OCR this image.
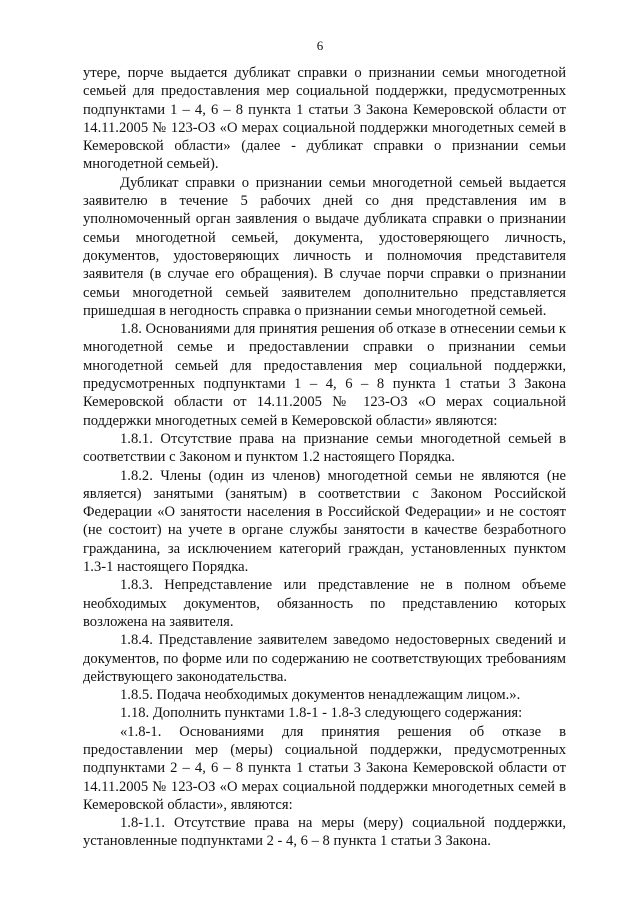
6

утере, порче выдается дубликат справки о признании семьи многодетной семьей для предоставления мер социальной поддержки, предусмотренных подпунктами 1 – 4, 6 – 8 пункта 1 статьи 3 Закона Кемеровской области от 14.11.2005 № 123-ОЗ «О мерах социальной поддержки многодетных семей в Кемеровской области» (далее - дубликат справки о признании семьи многодетной семьей).

Дубликат справки о признании семьи многодетной семьей выдается заявителю в течение 5 рабочих дней со дня представления им в уполномоченный орган заявления о выдаче дубликата справки о признании семьи многодетной семьей, документа, удостоверяющего личность, документов, удостоверяющих личность и полномочия представителя заявителя (в случае его обращения). В случае порчи справки о признании семьи многодетной семьей заявителем дополнительно представляется пришедшая в негодность справка о признании семьи многодетной семьей.

1.8. Основаниями для принятия решения об отказе в отнесении семьи к многодетной семье и предоставлении справки о признании семьи многодетной семьей для предоставления мер социальной поддержки, предусмотренных подпунктами 1 – 4, 6 – 8 пункта 1 статьи 3 Закона Кемеровской области от 14.11.2005 № 123-ОЗ «О мерах социальной поддержки многодетных семей в Кемеровской области» являются:

1.8.1. Отсутствие права на признание семьи многодетной семьей в соответствии с Законом и пунктом 1.2 настоящего Порядка.

1.8.2. Члены (один из членов) многодетной семьи не являются (не является) занятыми (занятым) в соответствии с Законом Российской Федерации «О занятости населения в Российской Федерации» и не состоят (не состоит) на учете в органе службы занятости в качестве безработного гражданина, за исключением категорий граждан, установленных пунктом 1.3-1 настоящего Порядка.

1.8.3. Непредставление или представление не в полном объеме необходимых документов, обязанность по представлению которых возложена на заявителя.

1.8.4. Представление заявителем заведомо недостоверных сведений и документов, по форме или по содержанию не соответствующих требованиям действующего законодательства.

1.8.5. Подача необходимых документов ненадлежащим лицом.».

1.18. Дополнить пунктами 1.8-1 - 1.8-3 следующего содержания:

«1.8-1. Основаниями для принятия решения об отказе в предоставлении мер (меры) социальной поддержки, предусмотренных подпунктами 2 – 4, 6 – 8 пункта 1 статьи 3 Закона Кемеровской области от 14.11.2005 № 123-ОЗ «О мерах социальной поддержки многодетных семей в Кемеровской области», являются:

1.8-1.1. Отсутствие права на меры (меру) социальной поддержки, установленные подпунктами 2 - 4, 6 – 8 пункта 1 статьи 3 Закона.
